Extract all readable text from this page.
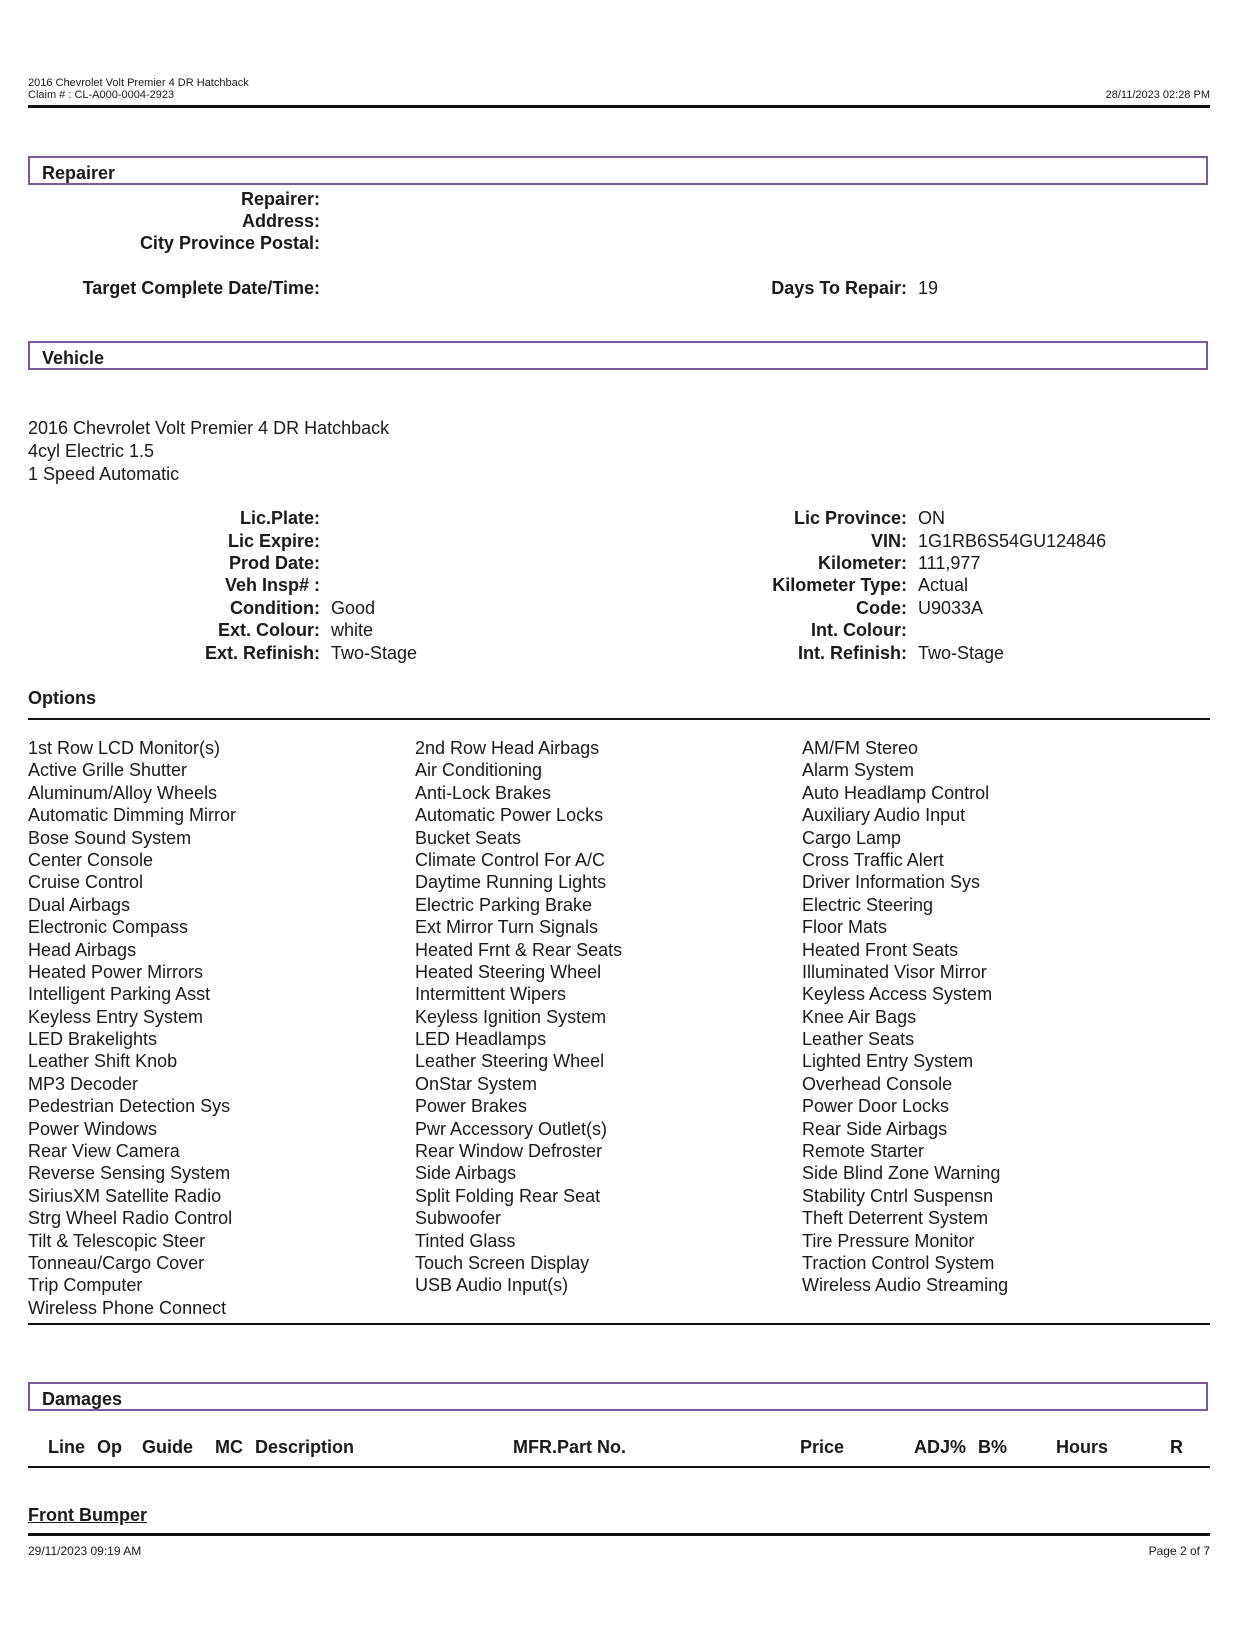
2016 Chevrolet Volt Premier 4 DR Hatchback
Claim # : CL-A000-0004-2923	28/11/2023 02:28 PM
Repairer
Repairer:
Address:
City Province Postal:
Target Complete Date/Time:	Days To Repair: 19
Vehicle
2016 Chevrolet Volt Premier 4 DR Hatchback
4cyl Electric 1.5
1 Speed Automatic
Lic.Plate:
Lic Expire:
Prod Date:
Veh Insp# :
Condition: Good
Ext. Colour: white
Ext. Refinish: Two-Stage
Lic Province: ON
VIN: 1G1RB6S54GU124846
Kilometer: 111,977
Kilometer Type: Actual
Code: U9033A
Int. Colour:
Int. Refinish: Two-Stage
Options
1st Row LCD Monitor(s)
Active Grille Shutter
Aluminum/Alloy Wheels
Automatic Dimming Mirror
Bose Sound System
Center Console
Cruise Control
Dual Airbags
Electronic Compass
Head Airbags
Heated Power Mirrors
Intelligent Parking Asst
Keyless Entry System
LED Brakelights
Leather Shift Knob
MP3 Decoder
Pedestrian Detection Sys
Power Windows
Rear View Camera
Reverse Sensing System
SiriusXM Satellite Radio
Strg Wheel Radio Control
Tilt & Telescopic Steer
Tonneau/Cargo Cover
Trip Computer
Wireless Phone Connect
2nd Row Head Airbags
Air Conditioning
Anti-Lock Brakes
Automatic Power Locks
Bucket Seats
Climate Control For A/C
Daytime Running Lights
Electric Parking Brake
Ext Mirror Turn Signals
Heated Frnt & Rear Seats
Heated Steering Wheel
Intermittent Wipers
Keyless Ignition System
LED Headlamps
Leather Steering Wheel
OnStar System
Power Brakes
Pwr Accessory Outlet(s)
Rear Window Defroster
Side Airbags
Split Folding Rear Seat
Subwoofer
Tinted Glass
Touch Screen Display
USB Audio Input(s)
AM/FM Stereo
Alarm System
Auto Headlamp Control
Auxiliary Audio Input
Cargo Lamp
Cross Traffic Alert
Driver Information Sys
Electric Steering
Floor Mats
Heated Front Seats
Illuminated Visor Mirror
Keyless Access System
Knee Air Bags
Leather Seats
Lighted Entry System
Overhead Console
Power Door Locks
Rear Side Airbags
Remote Starter
Side Blind Zone Warning
Stability Cntrl Suspensn
Theft Deterrent System
Tire Pressure Monitor
Traction Control System
Wireless Audio Streaming
Damages
Line Op Guide MC Description	MFR.Part No.	Price	ADJ% B%	Hours	R
Front Bumper
29/11/2023 09:19 AM	Page 2 of 7
